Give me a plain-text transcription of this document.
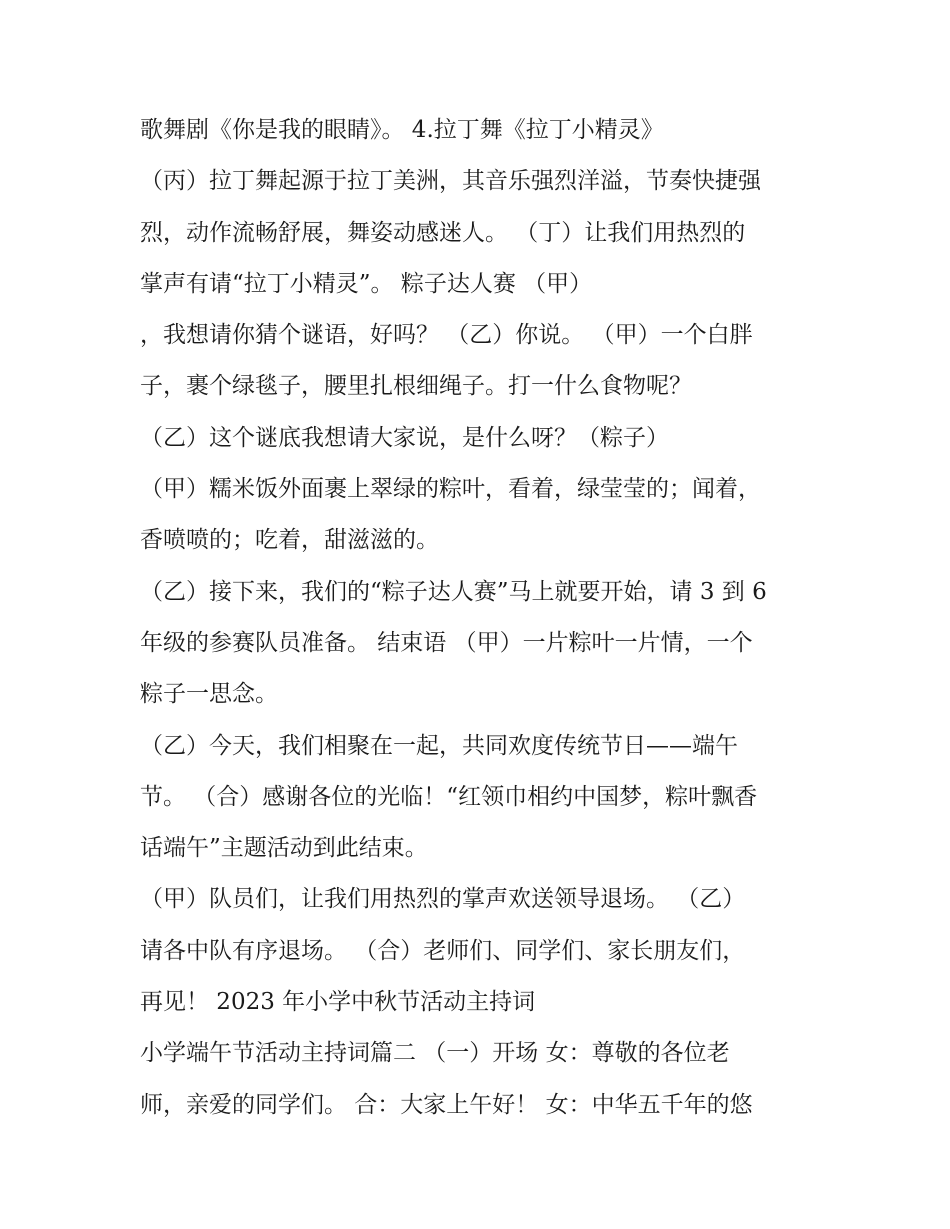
歌舞剧《你是我的眼睛》。 4.拉丁舞《拉丁小精灵》
（丙）拉丁舞起源于拉丁美洲，其音乐强烈洋溢，节奏快捷强
烈，动作流畅舒展，舞姿动感迷人。 （丁）让我们用热烈的
掌声有请“拉丁小精灵”。 粽子达人赛 （甲）
，我想请你猜个谜语，好吗？ （乙）你说。 （甲）一个白胖
子，裹个绿毯子，腰里扎根细绳子。打一什么食物呢？
（乙）这个谜底我想请大家说，是什么呀？（粽子）
（甲）糯米饭外面裹上翠绿的粽叶，看着，绿莹莹的；闻着，
香喷喷的；吃着，甜滋滋的。
（乙）接下来，我们的“粽子达人赛”马上就要开始，请 3 到 6
年级的参赛队员准备。 结束语 （甲）一片粽叶一片情，一个
粽子一思念。
（乙）今天，我们相聚在一起，共同欢度传统节日——端午
节。 （合）感谢各位的光临！“红领巾相约中国梦，粽叶飘香
话端午”主题活动到此结束。
（甲）队员们，让我们用热烈的掌声欢送领导退场。 （乙）
请各中队有序退场。 （合）老师们、同学们、家长朋友们，
再见！ 2023 年小学中秋节活动主持词
小学端午节活动主持词篇二 （一）开场 女：尊敬的各位老
师，亲爱的同学们。 合：大家上午好！ 女：中华五千年的悠
